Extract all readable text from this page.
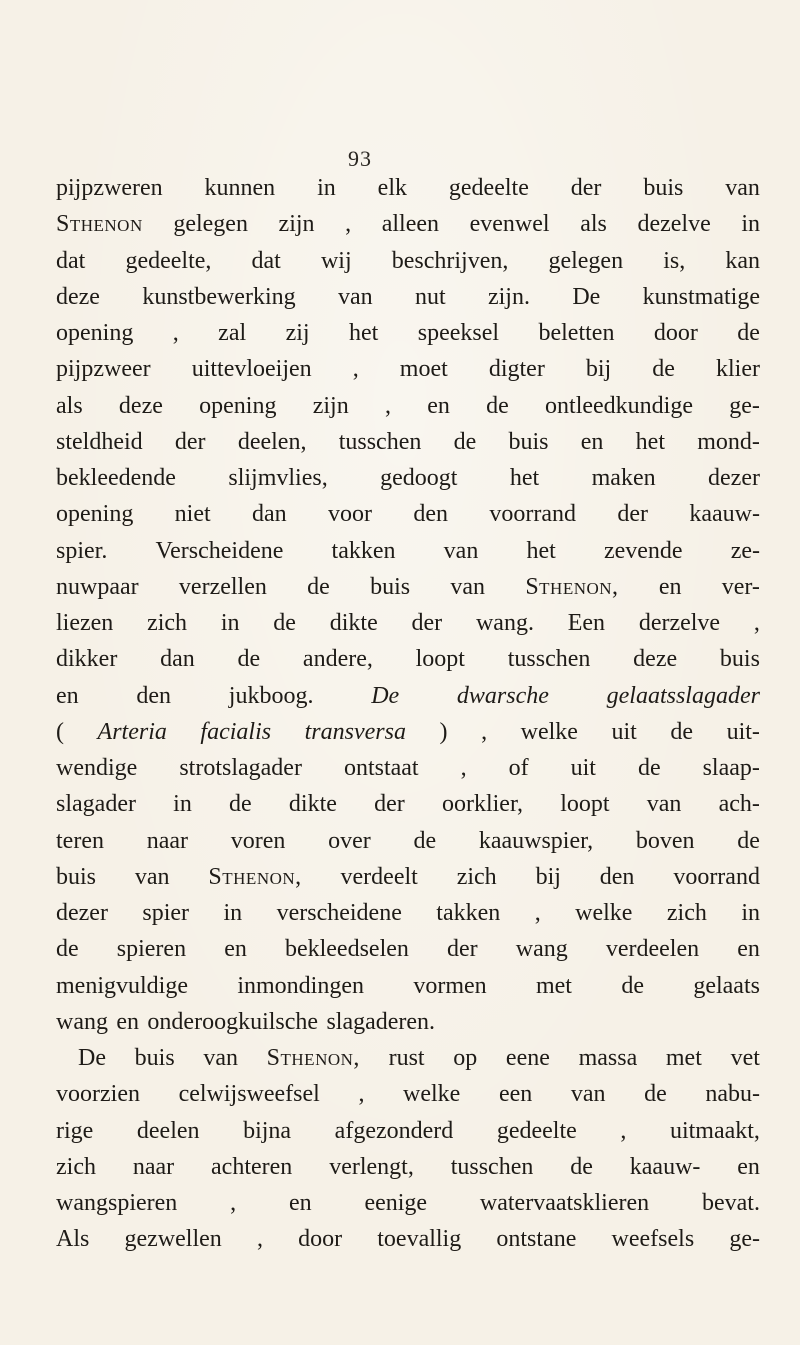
93
pijpzweren kunnen in elk gedeelte der buis van
Sthenon gelegen zijn , alleen evenwel als dezelve in
dat gedeelte, dat wij beschrijven, gelegen is, kan
deze kunstbewerking van nut zijn. De kunstmatige
opening , zal zij het speeksel beletten door de
pijpzweer uittevloeijen , moet digter bij de klier
als deze opening zijn , en de ontleedkundige ge-
steldheid der deelen, tusschen de buis en het mond-
bekleedende slijmvlies, gedoogt het maken dezer
opening niet dan voor den voorrand der kaauw-
spier. Verscheidene takken van het zevende ze-
nuwpaar verzellen de buis van Sthenon, en ver-
liezen zich in de dikte der wang. Een derzelve ,
dikker dan de andere, loopt tusschen deze buis
en den jukboog. De dwarsche gelaatsslagader
( Arteria facialis transversa ) , welke uit de uit-
wendige strotslagader ontstaat , of uit de slaap-
slagader in de dikte der oorklier, loopt van ach-
teren naar voren over de kaauwspier, boven de
buis van Sthenon, verdeelt zich bij den voorrand
dezer spier in verscheidene takken , welke zich in
de spieren en bekleedselen der wang verdeelen en
menigvuldige inmondingen vormen met de gelaats
wang en onderoogkuilsche slagaderen.
De buis van Sthenon, rust op eene massa met vet
voorzien celwijsweefsel , welke een van de nabu-
rige deelen bijna afgezonderd gedeelte , uitmaakt,
zich naar achteren verlengt, tusschen de kaauw- en
wangspieren , en eenige watervaatsklieren bevat.
Als gezwellen , door toevallig ontstane weefsels ge-
